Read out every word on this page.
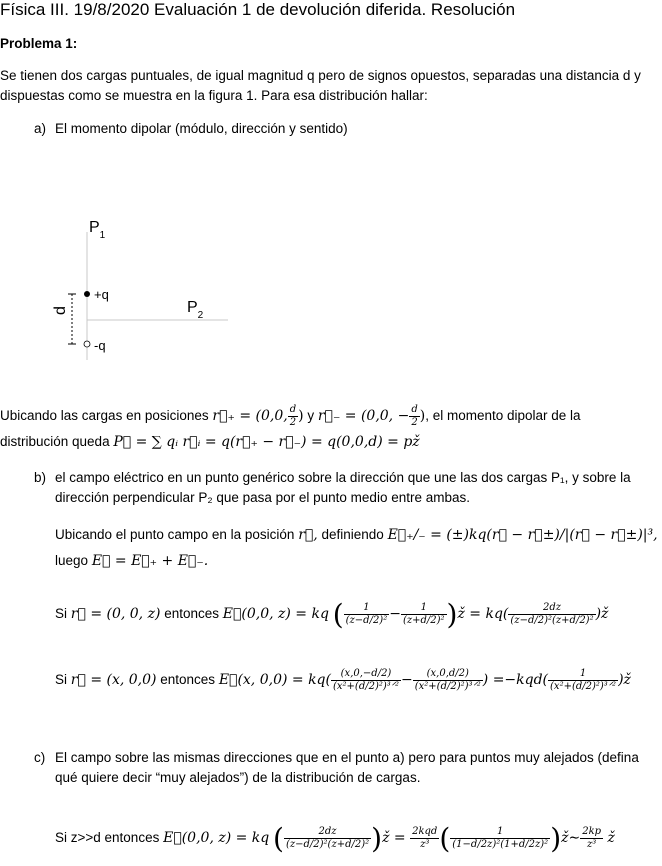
Física III. 19/8/2020 Evaluación 1 de devolución diferida. Resolución
Problema 1:
Se tienen dos cargas puntuales, de igual magnitud q pero de signos opuestos, separadas una distancia d y
dispuestas como se muestra en la figura 1. Para esa distribución hallar:
a) El momento dipolar (módulo, dirección y sentido)
$P_1$
$P_2$
+q
-q
d
Ubicando las cargas en posiciones r⃗₊ = (0,0, $\frac{d}{2}$ ) y r⃗₋ = (0,0, − $\frac{d}{2}$ ), el momento dipolar de la
distribución queda P⃗ = ∑ qᵢ r⃗ᵢ = q(r⃗₊ − r⃗₋) = q(0,0,d) = pž
b) el campo eléctrico en un punto genérico sobre la dirección que une las dos cargas P₁, y sobre la
dirección perpendicular P₂ que pasa por el punto medio entre ambas.
Ubicando el punto campo en la posición r⃗, definiendo E⃗₊/₋ = (±)kq(r⃗ − r⃗±)/|(r⃗ − r⃗±)|³,
luego E⃗ = E⃗₊ + E⃗₋.
Si r⃗ = (0, 0, z) entonces E⃗(0,0, z) = kq ( $\frac{1}{\text{(z−d/2)²}} - \frac{1}{\text{(z+d/2)²}}$ )ž = $kq( \frac{2dz}{\text{(z−d/2)²(z+d/2)²}}$ )ž
Si r⃗ = (x, 0,0) entonces E⃗(x, $0,0) = kq( \frac{(x,0,-d/2)}{\text{(x²+(d/2)²)³ᐟ²}} - \frac{(x,0,d/2)}{\text{(x²+(d/2)²)³ᐟ²}}$ ) $=-kqd( \frac{1}{\text{(x²+(d/2)²)³ᐟ²}}$ )ž
c) El campo sobre las mismas direcciones que en el punto a) pero para puntos muy alejados (defina
qué quiere decir “muy alejados”) de la distribución de cargas.
Si z>>d entonces E⃗(0,0, z) = kq ( $\frac{2dz}{\text{(z−d/2)²(z+d/2)²}}$ )ž = $\frac{\text{2kqd}}{\text{z³}}$ ( $\frac{1}{\text{(1−d/2z)²(1+d/2z)²}}$ )ž∼ $\frac{2kp}{\text{z³}}$ ž
